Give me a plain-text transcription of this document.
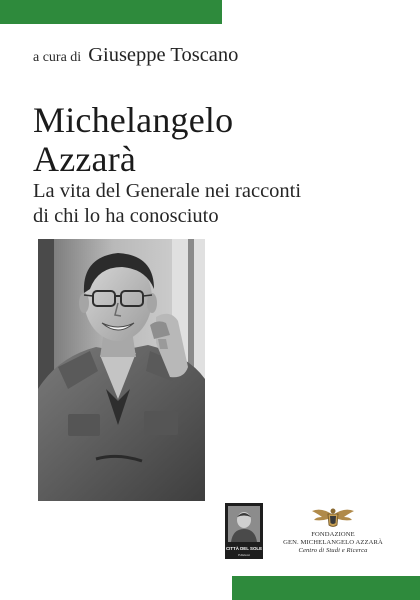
a cura di Giuseppe Toscano
Michelangelo
Azzarà
La vita del Generale nei racconti
di chi lo ha conosciuto
CITTÀ DEL SOLE
Edizioni
FONDAZIONE
GEN. MICHELANGELO AZZARÀ
Centro di Studi e Ricerca
